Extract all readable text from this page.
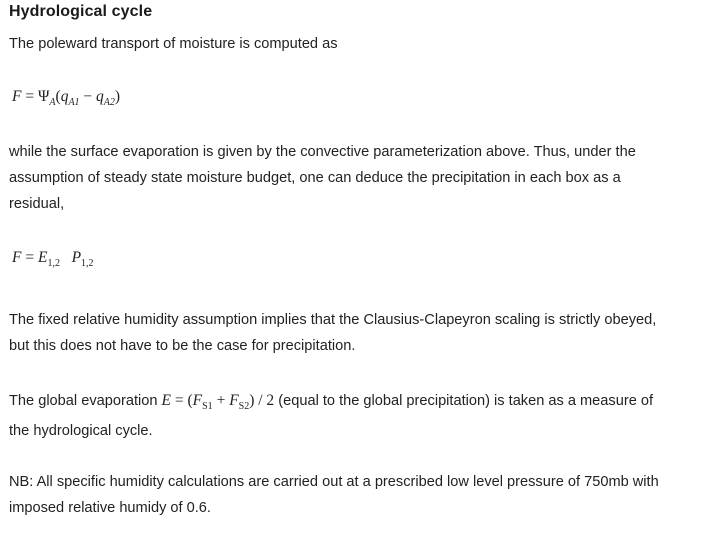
Hydrological cycle
The poleward transport of moisture is computed as
$F = \Psi_A(q_{A1} - q_{A2})$
while the surface evaporation is given by the convective parameterization above. Thus, under the
assumption of steady state moisture budget, one can deduce the precipitation in each box as a
residual,
$F = E_{1,2}$ $P_{1,2}$
The fixed relative humidity assumption implies that the Clausius-Clapeyron scaling is strictly obeyed,
but this does not have to be the case for precipitation.
The global evaporation $E = (F_{S1} + F_{S2}) / 2$ (equal to the global precipitation) is taken as a measure of
the hydrological cycle.
NB: All specific humidity calculations are carried out at a prescribed low level pressure of 750mb with
imposed relative humidy of 0.6.
